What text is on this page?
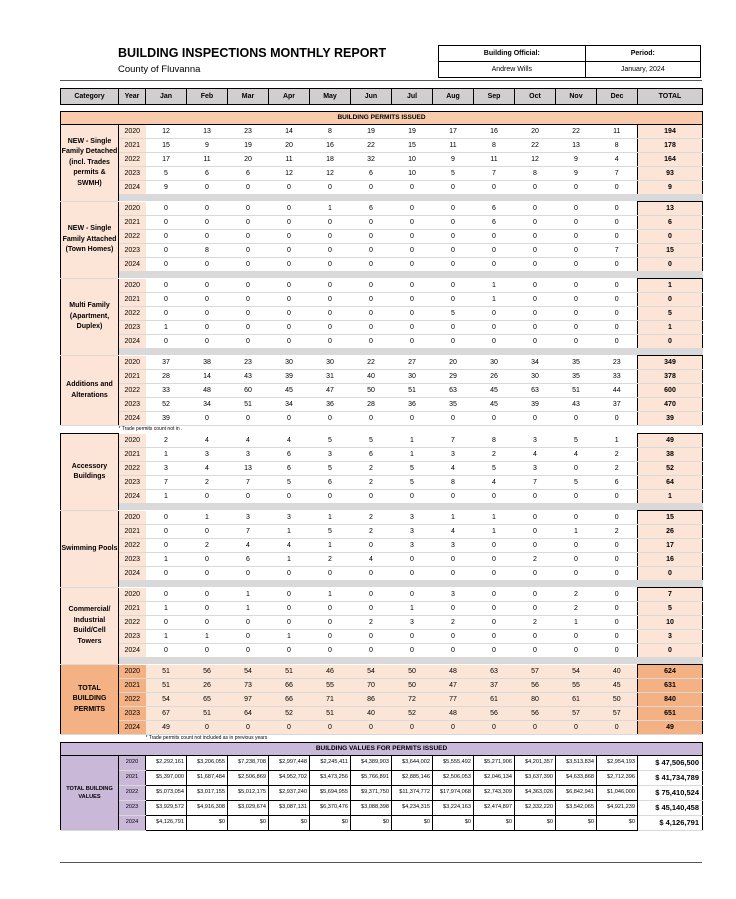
BUILDING INSPECTIONS MONTHLY REPORT
County of Fluvanna
Building Official:	Period:
Andrew Wills	January, 2024
Category	Year	Jan	Feb	Mar	Apr	May	Jun	Jul	Aug	Sep	Oct	Nov	Dec	TOTAL

BUILDING PERMITS ISSUED														
NEW - Single Family Detached (incl. Trades permits & SWMH)	2020	12	13	23	14	8	19	19	17	16	20	22	11	194
	2021	15	9	19	20	16	22	15	11	8	22	13	8	178
	2022	17	11	20	11	18	32	10	9	11	12	9	4	164
	2023	5	6	6	12	12	6	10	5	7	8	9	7	93
	2024	9	0	0	0	0	0	0	0	0	0	0	0	9

NEW - Single Family Attached (Town Homes)	2020	0	0	0	0	1	6	0	0	6	0	0	0	13
	2021	0	0	0	0	0	0	0	0	6	0	0	0	6
	2022	0	0	0	0	0	0	0	0	0	0	0	0	0
	2023	0	8	0	0	0	0	0	0	0	0	0	7	15
	2024	0	0	0	0	0	0	0	0	0	0	0	0	0

Multi Family (Apartment, Duplex)	2020	0	0	0	0	0	0	0	0	1	0	0	0	1
	2021	0	0	0	0	0	0	0	0	1	0	0	0	0
	2022	0	0	0	0	0	0	0	5	0	0	0	0	5
	2023	1	0	0	0	0	0	0	0	0	0	0	0	1
	2024	0	0	0	0	0	0	0	0	0	0	0	0	0

Additions and Alterations	2020	37	38	23	30	30	22	27	20	30	34	35	23	349
	2021	28	14	43	39	31	40	30	29	26	30	35	33	378
	2022	33	48	60	45	47	50	51	63	45	63	51	44	600
	2023	52	34	51	34	36	28	36	35	45	39	43	37	470
	2024	39	0	0	0	0	0	0	0	0	0	0	0	39
	* Trade permits count not in .													
Accessory Buildings	2020	2	4	4	4	5	5	1	7	8	3	5	1	49
	2021	1	3	3	6	3	6	1	3	2	4	4	2	38
	2022	3	4	13	6	5	2	5	4	5	3	0	2	52
	2023	7	2	7	5	6	2	5	8	4	7	5	6	64
	2024	1	0	0	0	0	0	0	0	0	0	0	0	1

Swimming Pools	2020	0	1	3	3	1	2	3	1	1	0	0	0	15
	2021	0	0	7	1	5	2	3	4	1	0	1	2	26
	2022	0	2	4	4	1	0	3	3	0	0	0	0	17
	2023	1	0	6	1	2	4	0	0	0	2	0	0	16
	2024	0	0	0	0	0	0	0	0	0	0	0	0	0

Commercial/ Industrial Build/Cell Towers	2020	0	0	1	0	1	0	0	3	0	0	2	0	7
	2021	1	0	1	0	0	0	1	0	0	0	2	0	5
	2022	0	0	0	0	0	2	3	2	0	2	1	0	10
	2023	1	1	0	1	0	0	0	0	0	0	0	0	3
	2024	0	0	0	0	0	0	0	0	0	0	0	0	0

TOTAL BUILDING PERMITS	2020	51	56	54	51	46	54	50	48	63	57	54	40	624
	2021	51	26	73	66	55	70	50	47	37	56	55	45	631
	2022	54	65	97	66	71	86	72	77	61	80	61	50	840
	2023	67	51	64	52	51	40	52	48	56	56	57	57	651
	2024	49	0	0	0	0	0	0	0	0	0	0	0	49
		* Trade permits count not included as in previous years												
BUILDING VALUES FOR PERMITS ISSUED														
TOTAL BUILDING VALUES	2020	$2,292,161	$3,206,055	$7,238,708	$2,997,448	$2,245,411	$4,389,903	$3,644,002	$5,555,492	$5,271,906	$4,201,357	$3,513,834	$2,954,193	$ 47,506,500
	2021	$5,397,000	$1,687,484	$2,506,869	$4,952,702	$3,473,256	$5,766,891	$2,885,146	$2,506,053	$2,046,134	$3,637,390	$4,633,868	$2,712,396	$ 41,734,789
	2022	$5,073,054	$3,017,155	$5,012,175	$2,937,240	$5,694,955	$9,371,750	$11,374,772	$17,974,068	$2,743,309	$4,363,026	$6,842,941	$1,046,000	$ 75,410,524
	2023	$3,929,572	$4,916,308	$3,029,674	$3,087,131	$6,370,476	$3,088,398	$4,234,315	$3,224,163	$2,474,897	$2,332,220	$3,542,065	$4,921,239	$ 45,140,458
	2024	$4,126,791	$0	$0	$0	$0	$0	$0	$0	$0	$0	$0	$0	$ 4,126,791
